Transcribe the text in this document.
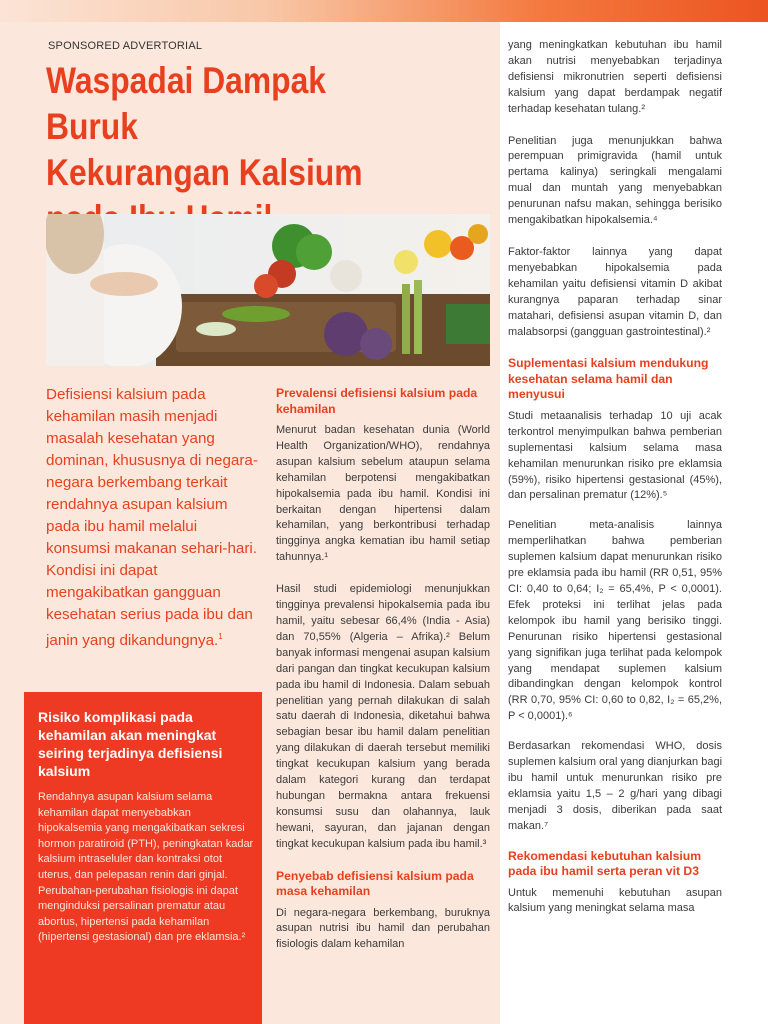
SPONSORED ADVERTORIAL
Waspadai Dampak Buruk
Kekurangan Kalsium

Defisiensi kalsium pada kehamilan masih menjadi masalah kesehatan yang dominan, khususnya di negara-negara berkembang terkait rendahnya asupan kalsium pada ibu hamil melalui konsumsi makanan sehari-hari. Kondisi ini dapat mengakibatkan gangguan kesehatan serius pada ibu dan janin yang dikandungnya.$^1$
Risiko komplikasi pada kehamilan akan meningkat seiring terjadinya defisiensi kalsium
Rendahnya asupan kalsium selama kehamilan dapat menyebabkan hipokalsemia yang mengakibatkan sekresi hormon paratiroid (PTH), peningkatan kadar kalsium intraseluler dan kontraksi otot uterus, dan pelepasan renin dari ginjal. Perubahan-perubahan fisiologis ini dapat menginduksi persalinan prematur atau abortus, hipertensi pada kehamilan (hipertensi gestasional) dan pre eklamsia.²
Prevalensi defisiensi kalsium pada kehamilan
Menurut badan kesehatan dunia (World Health Organization/WHO), rendahnya asupan kalsium sebelum ataupun selama kehamilan berpotensi mengakibatkan hipokalsemia pada ibu hamil. Kondisi ini berkaitan dengan hipertensi dalam kehamilan, yang berkontribusi terhadap tingginya angka kematian ibu hamil setiap tahunnya.¹
Hasil studi epidemiologi menunjukkan tingginya prevalensi hipokalsemia pada ibu hamil, yaitu sebesar 66,4% (India - Asia) dan 70,55% (Algeria – Afrika).² Belum banyak informasi mengenai asupan kalsium dari pangan dan tingkat kecukupan kalsium pada ibu hamil di Indonesia. Dalam sebuah penelitian yang pernah dilakukan di salah satu daerah di Indonesia, diketahui bahwa sebagian besar ibu hamil dalam penelitian yang dilakukan di daerah tersebut memiliki tingkat kecukupan kalsium yang berada dalam kategori kurang dan terdapat hubungan bermakna antara frekuensi konsumsi susu dan olahannya, lauk hewani, sayuran, dan jajanan dengan tingkat kecukupan kalsium pada ibu hamil.³
Penyebab defisiensi kalsium pada masa kehamilan
Di negara-negara berkembang, buruknya asupan nutrisi ibu hamil dan perubahan fisiologis dalam kehamilan
yang meningkatkan kebutuhan ibu hamil akan nutrisi menyebabkan terjadinya defisiensi mikronutrien seperti defisiensi kalsium yang dapat berdampak negatif terhadap kesehatan tulang.²
Penelitian juga menunjukkan bahwa perempuan primigravida (hamil untuk pertama kalinya) seringkali mengalami mual dan muntah yang menyebabkan penurunan nafsu makan, sehingga berisiko mengakibatkan hipokalsemia.⁴
Faktor-faktor lainnya yang dapat menyebabkan hipokalsemia pada kehamilan yaitu defisiensi vitamin D akibat kurangnya paparan terhadap sinar matahari, defisiensi asupan vitamin D, dan malabsorpsi (gangguan gastrointestinal).²
Suplementasi kalsium mendukung kesehatan selama hamil dan menyusui
Studi metaanalisis terhadap 10 uji acak terkontrol menyimpulkan bahwa pemberian suplementasi kalsium selama masa kehamilan menurunkan risiko pre eklamsia (59%), risiko hipertensi gestasional (45%), dan persalinan prematur (12%).⁵
Penelitian meta-analisis lainnya memperlihatkan bahwa pemberian suplemen kalsium dapat menurunkan risiko pre eklamsia pada ibu hamil (RR 0,51, 95% CI: 0,40 to 0,64; I₂ = 65,4%, P < 0,0001). Efek proteksi ini terlihat jelas pada kelompok ibu hamil yang berisiko tinggi. Penurunan risiko hipertensi gestasional yang signifikan juga terlihat pada kelompok yang mendapat suplemen kalsium dibandingkan dengan kelompok kontrol (RR 0,70, 95% CI: 0,60 to 0,82, I₂ = 65,2%, P < 0,0001).⁶
Berdasarkan rekomendasi WHO, dosis suplemen kalsium oral yang dianjurkan bagi ibu hamil untuk menurunkan risiko pre eklamsia yaitu 1,5 – 2 g/hari yang dibagi menjadi 3 dosis, diberikan pada saat makan.⁷
Rekomendasi kebutuhan kalsium pada ibu hamil serta peran vit D3
Untuk memenuhi kebutuhan asupan kalsium yang meningkat selama masa
